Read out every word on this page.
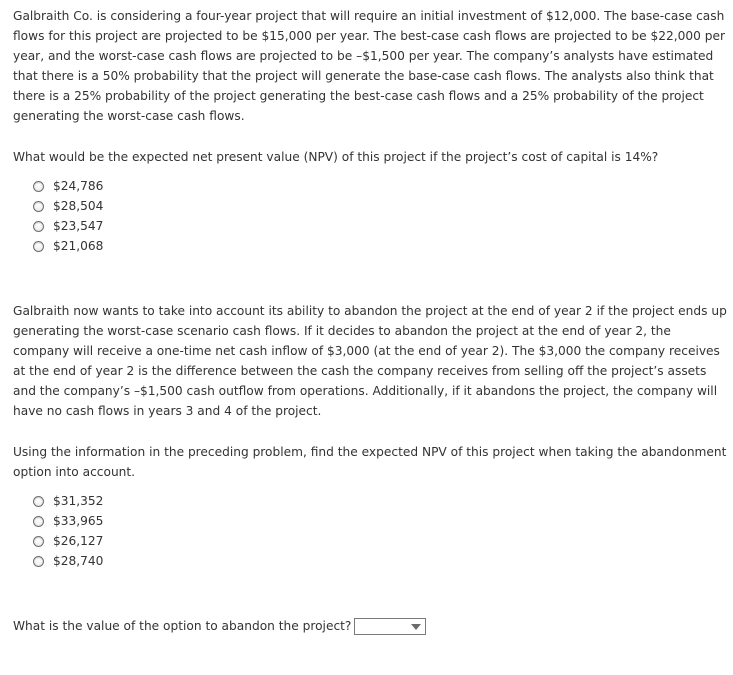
Galbraith Co. is considering a four-year project that will require an initial investment of $12,000. The base-case cash flows for this project are projected to be $15,000 per year. The best-case cash flows are projected to be $22,000 per year, and the worst-case cash flows are projected to be –$1,500 per year. The company’s analysts have estimated that there is a 50% probability that the project will generate the base-case cash flows. The analysts also think that there is a 25% probability of the project generating the best-case cash flows and a 25% probability of the project generating the worst-case cash flows.

What would be the expected net present value (NPV) of this project if the project’s cost of capital is 14%?

$24,786
$28,504
$23,547
$21,068

Galbraith now wants to take into account its ability to abandon the project at the end of year 2 if the project ends up generating the worst-case scenario cash flows. If it decides to abandon the project at the end of year 2, the company will receive a one-time net cash inflow of $3,000 (at the end of year 2). The $3,000 the company receives at the end of year 2 is the difference between the cash the company receives from selling off the project’s assets and the company’s –$1,500 cash outflow from operations. Additionally, if it abandons the project, the company will have no cash flows in years 3 and 4 of the project.

Using the information in the preceding problem, find the expected NPV of this project when taking the abandonment option into account.

$31,352
$33,965
$26,127
$28,740
What is the value of the option to abandon the project?
